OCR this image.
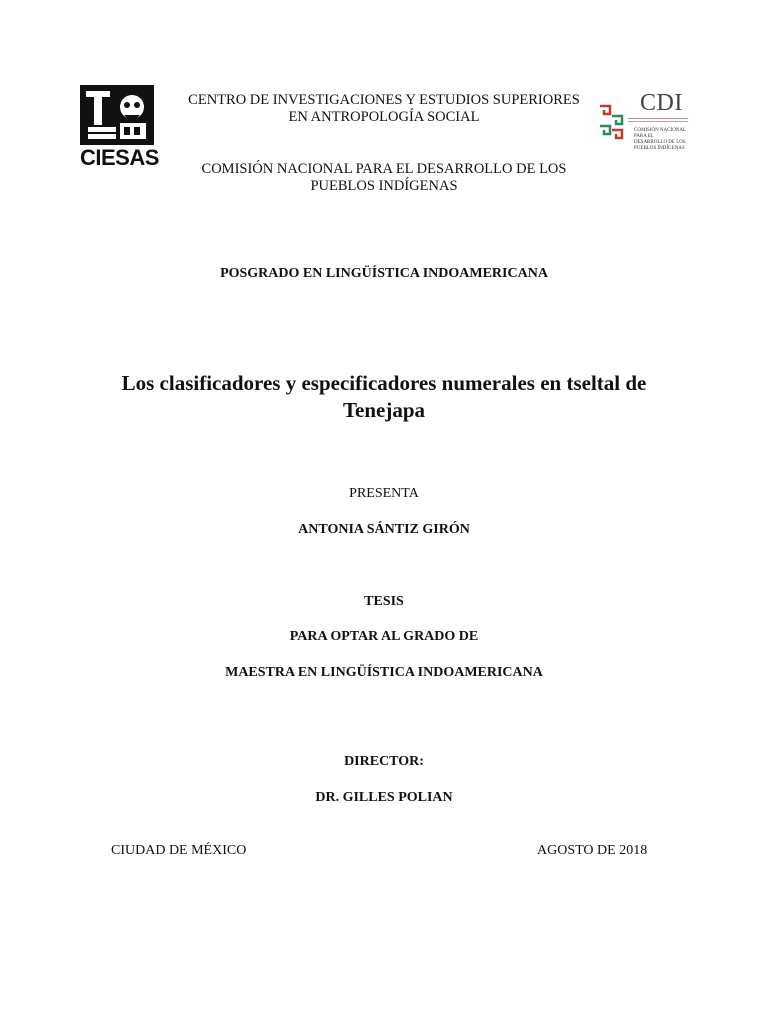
CIESAS
CENTRO DE INVESTIGACIONES Y ESTUDIOS SUPERIORES
EN ANTROPOLOGÍA SOCIAL
COMISIÓN NACIONAL PARA EL DESARROLLO DE LOS
PUEBLOS INDÍGENAS
CDI
COMISIÓN NACIONAL PARA EL DESARROLLO DE LOS PUEBLOS INDÍGENAS
POSGRADO EN LINGÜÍSTICA INDOAMERICANA
Los clasificadores y especificadores numerales en tseltal de
Tenejapa
PRESENTA
ANTONIA SÁNTIZ GIRÓN
TESIS
PARA OPTAR AL GRADO DE
MAESTRA EN LINGÜÍSTICA INDOAMERICANA
DIRECTOR:
DR. GILLES POLIAN
CIUDAD DE MÉXICO	AGOSTO DE 2018
